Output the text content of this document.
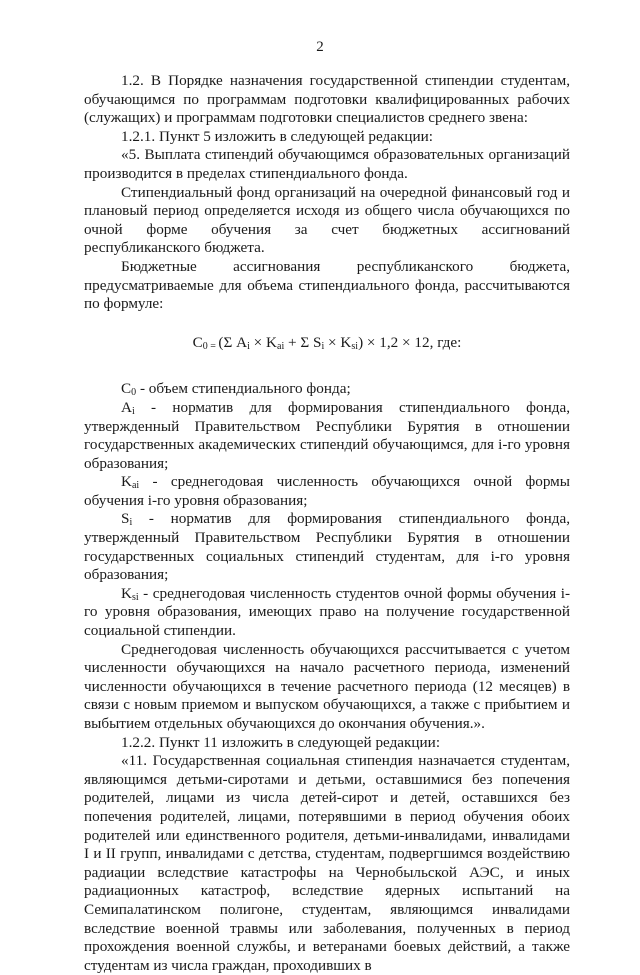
2

1.2. В Порядке назначения государственной стипендии студентам, обучающимся по программам подготовки квалифицированных рабочих (служащих) и программам подготовки специалистов среднего звена:

1.2.1. Пункт 5 изложить в следующей редакции:

«5. Выплата стипендий обучающимся образовательных организаций производится в пределах стипендиального фонда.

Стипендиальный фонд организаций на очередной финансовый год и плановый период определяется исходя из общего числа обучающихся по очной форме обучения за счет бюджетных ассигнований республиканского бюджета.

Бюджетные ассигнования республиканского бюджета, предусматриваемые для объема стипендиального фонда, рассчитываются по формуле:

$C_{0 =}$ (Σ $A_i \times K_{ai} + \Sigma$ $S_i \times K_{si}) \times 1,2 \times 12$, где:

$C_0$ - объем стипендиального фонда;

$A_i$ - норматив для формирования стипендиального фонда, утвержденный Правительством Республики Бурятия в отношении государственных академических стипендий обучающимся, для i-го уровня образования;

$K_{ai}$ - среднегодовая численность обучающихся очной формы обучения i-го уровня образования;

$S_i$ - норматив для формирования стипендиального фонда, утвержденный Правительством Республики Бурятия в отношении государственных социальных стипендий студентам, для i-го уровня образования;

$K_{si}$ - среднегодовая численность студентов очной формы обучения i-го уровня образования, имеющих право на получение государственной социальной стипендии.

Среднегодовая численность обучающихся рассчитывается с учетом численности обучающихся на начало расчетного периода, изменений численности обучающихся в течение расчетного периода (12 месяцев) в связи с новым приемом и выпуском обучающихся, а также с прибытием и выбытием отдельных обучающихся до окончания обучения.».

1.2.2. Пункт 11 изложить в следующей редакции:

«11. Государственная социальная стипендия назначается студентам, являющимся детьми-сиротами и детьми, оставшимися без попечения родителей, лицами из числа детей-сирот и детей, оставшихся без попечения родителей, лицами, потерявшими в период обучения обоих родителей или единственного родителя, детьми-инвалидами, инвалидами I и II групп, инвалидами с детства, студентам, подвергшимся воздействию радиации вследствие катастрофы на Чернобыльской АЭС, и иных радиационных катастроф, вследствие ядерных испытаний на Семипалатинском полигоне, студентам, являющимся инвалидами вследствие военной травмы или заболевания, полученных в период прохождения военной службы, и ветеранами боевых действий, а также студентам из числа граждан, проходивших в
